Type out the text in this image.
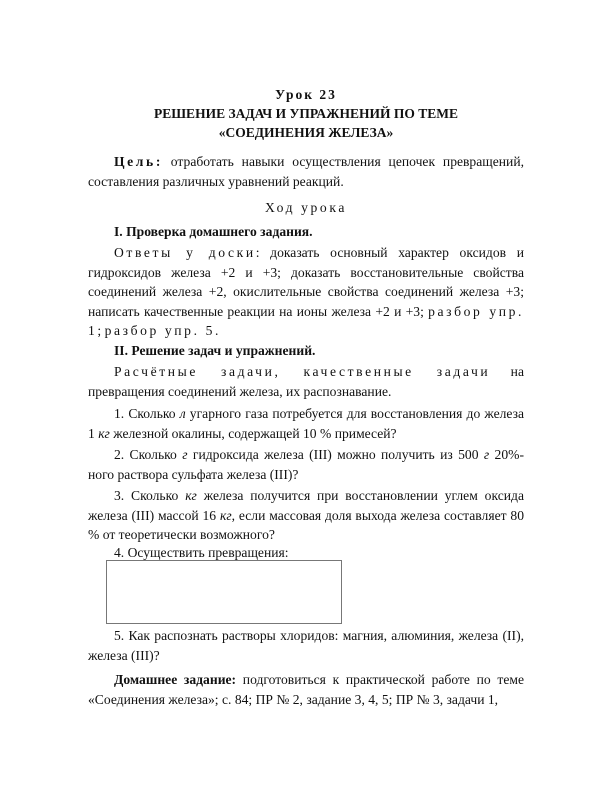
Урок 23
РЕШЕНИЕ ЗАДАЧ И УПРАЖНЕНИЙ ПО ТЕМЕ
«СОЕДИНЕНИЯ ЖЕЛЕЗА»
Цель: отработать навыки осуществления цепочек превращений, составления различных уравнений реакций.
Ход урока
I. Проверка домашнего задания.
Ответы у доски: доказать основный характер оксидов и гидроксидов железа +2 и +3; доказать восстановительные свойства соединений железа +2, окислительные свойства соединений железа +3; написать качественные реакции на ионы железа +2 и +3; разбор упр. 1; разбор упр. 5.
II. Решение задач и упражнений.
Расчётные задачи, качественные задачи на превращения соединений железа, их распознавание.
1. Сколько л угарного газа потребуется для восстановления до железа 1 кг железной окалины, содержащей 10 % примесей?
2. Сколько г гидроксида железа (III) можно получить из 500 г 20%-ного раствора сульфата железа (III)?
3. Сколько кг железа получится при восстановлении углем оксида железа (III) массой 16 кг, если массовая доля выхода железа составляет 80 % от теоретически возможного?
4. Осуществить превращения:
5. Как распознать растворы хлоридов: магния, алюминия, железа (II), железа (III)?
Домашнее задание: подготовиться к практической работе по теме «Соединения железа»; с. 84; ПР № 2, задание 3, 4, 5; ПР № 3, задачи 1,
